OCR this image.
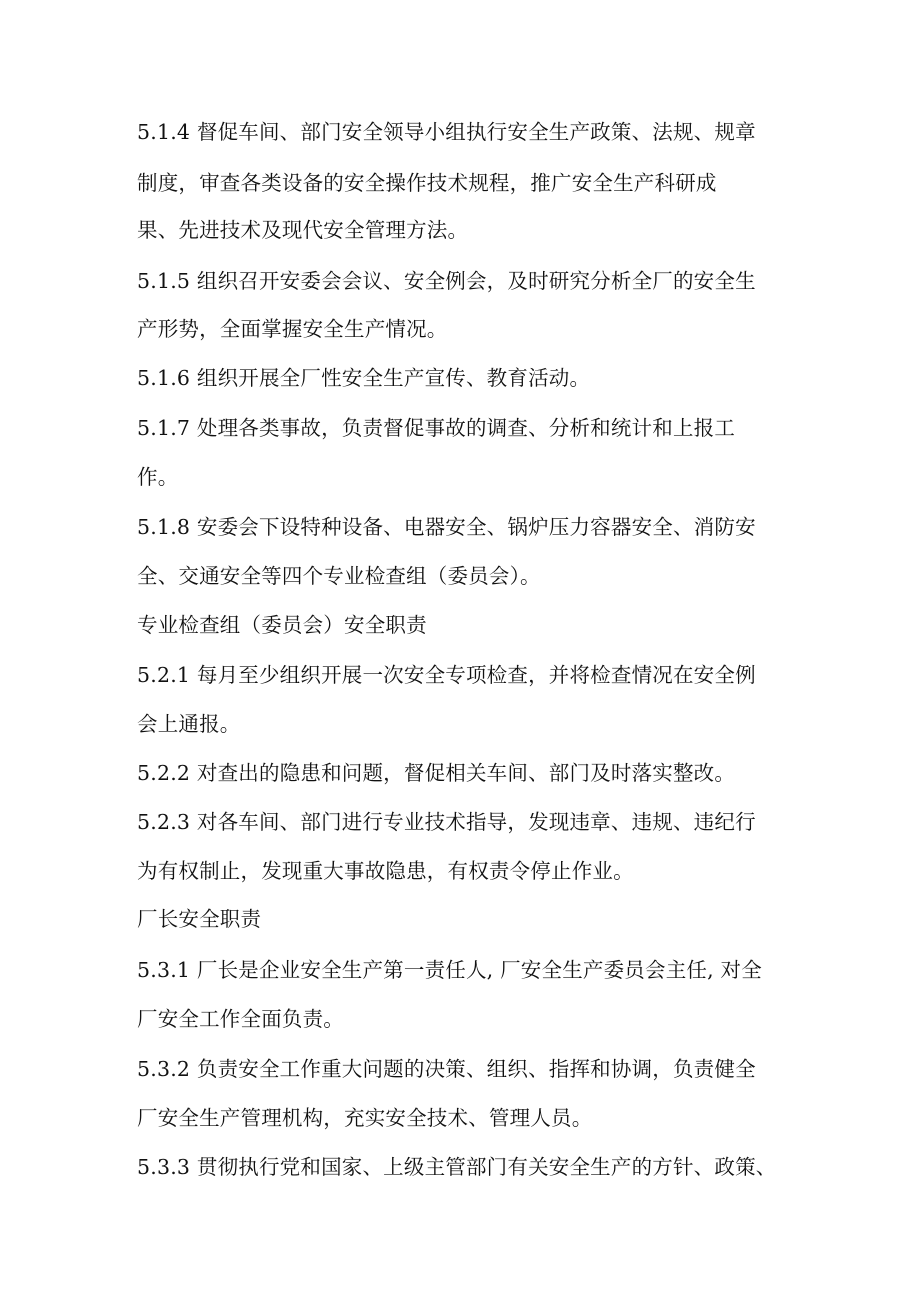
5.1.4 督促车间、部门安全领导小组执行安全生产政策、法规、规章

制度，审查各类设备的安全操作技术规程，推广安全生产科研成

果、先进技术及现代安全管理方法。

5.1.5 组织召开安委会会议、安全例会，及时研究分析全厂的安全生

产形势，全面掌握安全生产情况。

5.1.6 组织开展全厂性安全生产宣传、教育活动。

5.1.7 处理各类事故，负责督促事故的调查、分析和统计和上报工

作。

5.1.8 安委会下设特种设备、电器安全、锅炉压力容器安全、消防安

全、交通安全等四个专业检查组（委员会）。

专业检查组（委员会）安全职责

5.2.1 每月至少组织开展一次安全专项检查，并将检查情况在安全例

会上通报。

5.2.2 对查出的隐患和问题，督促相关车间、部门及时落实整改。

5.2.3 对各车间、部门进行专业技术指导，发现违章、违规、违纪行

为有权制止，发现重大事故隐患，有权责令停止作业。

厂长安全职责

5.3.1 厂长是企业安全生产第一责任人, 厂安全生产委员会主任, 对全

厂安全工作全面负责。

5.3.2 负责安全工作重大问题的决策、组织、指挥和协调，负责健全

厂安全生产管理机构，充实安全技术、管理人员。

5.3.3 贯彻执行党和国家、上级主管部门有关安全生产的方针、政策、
